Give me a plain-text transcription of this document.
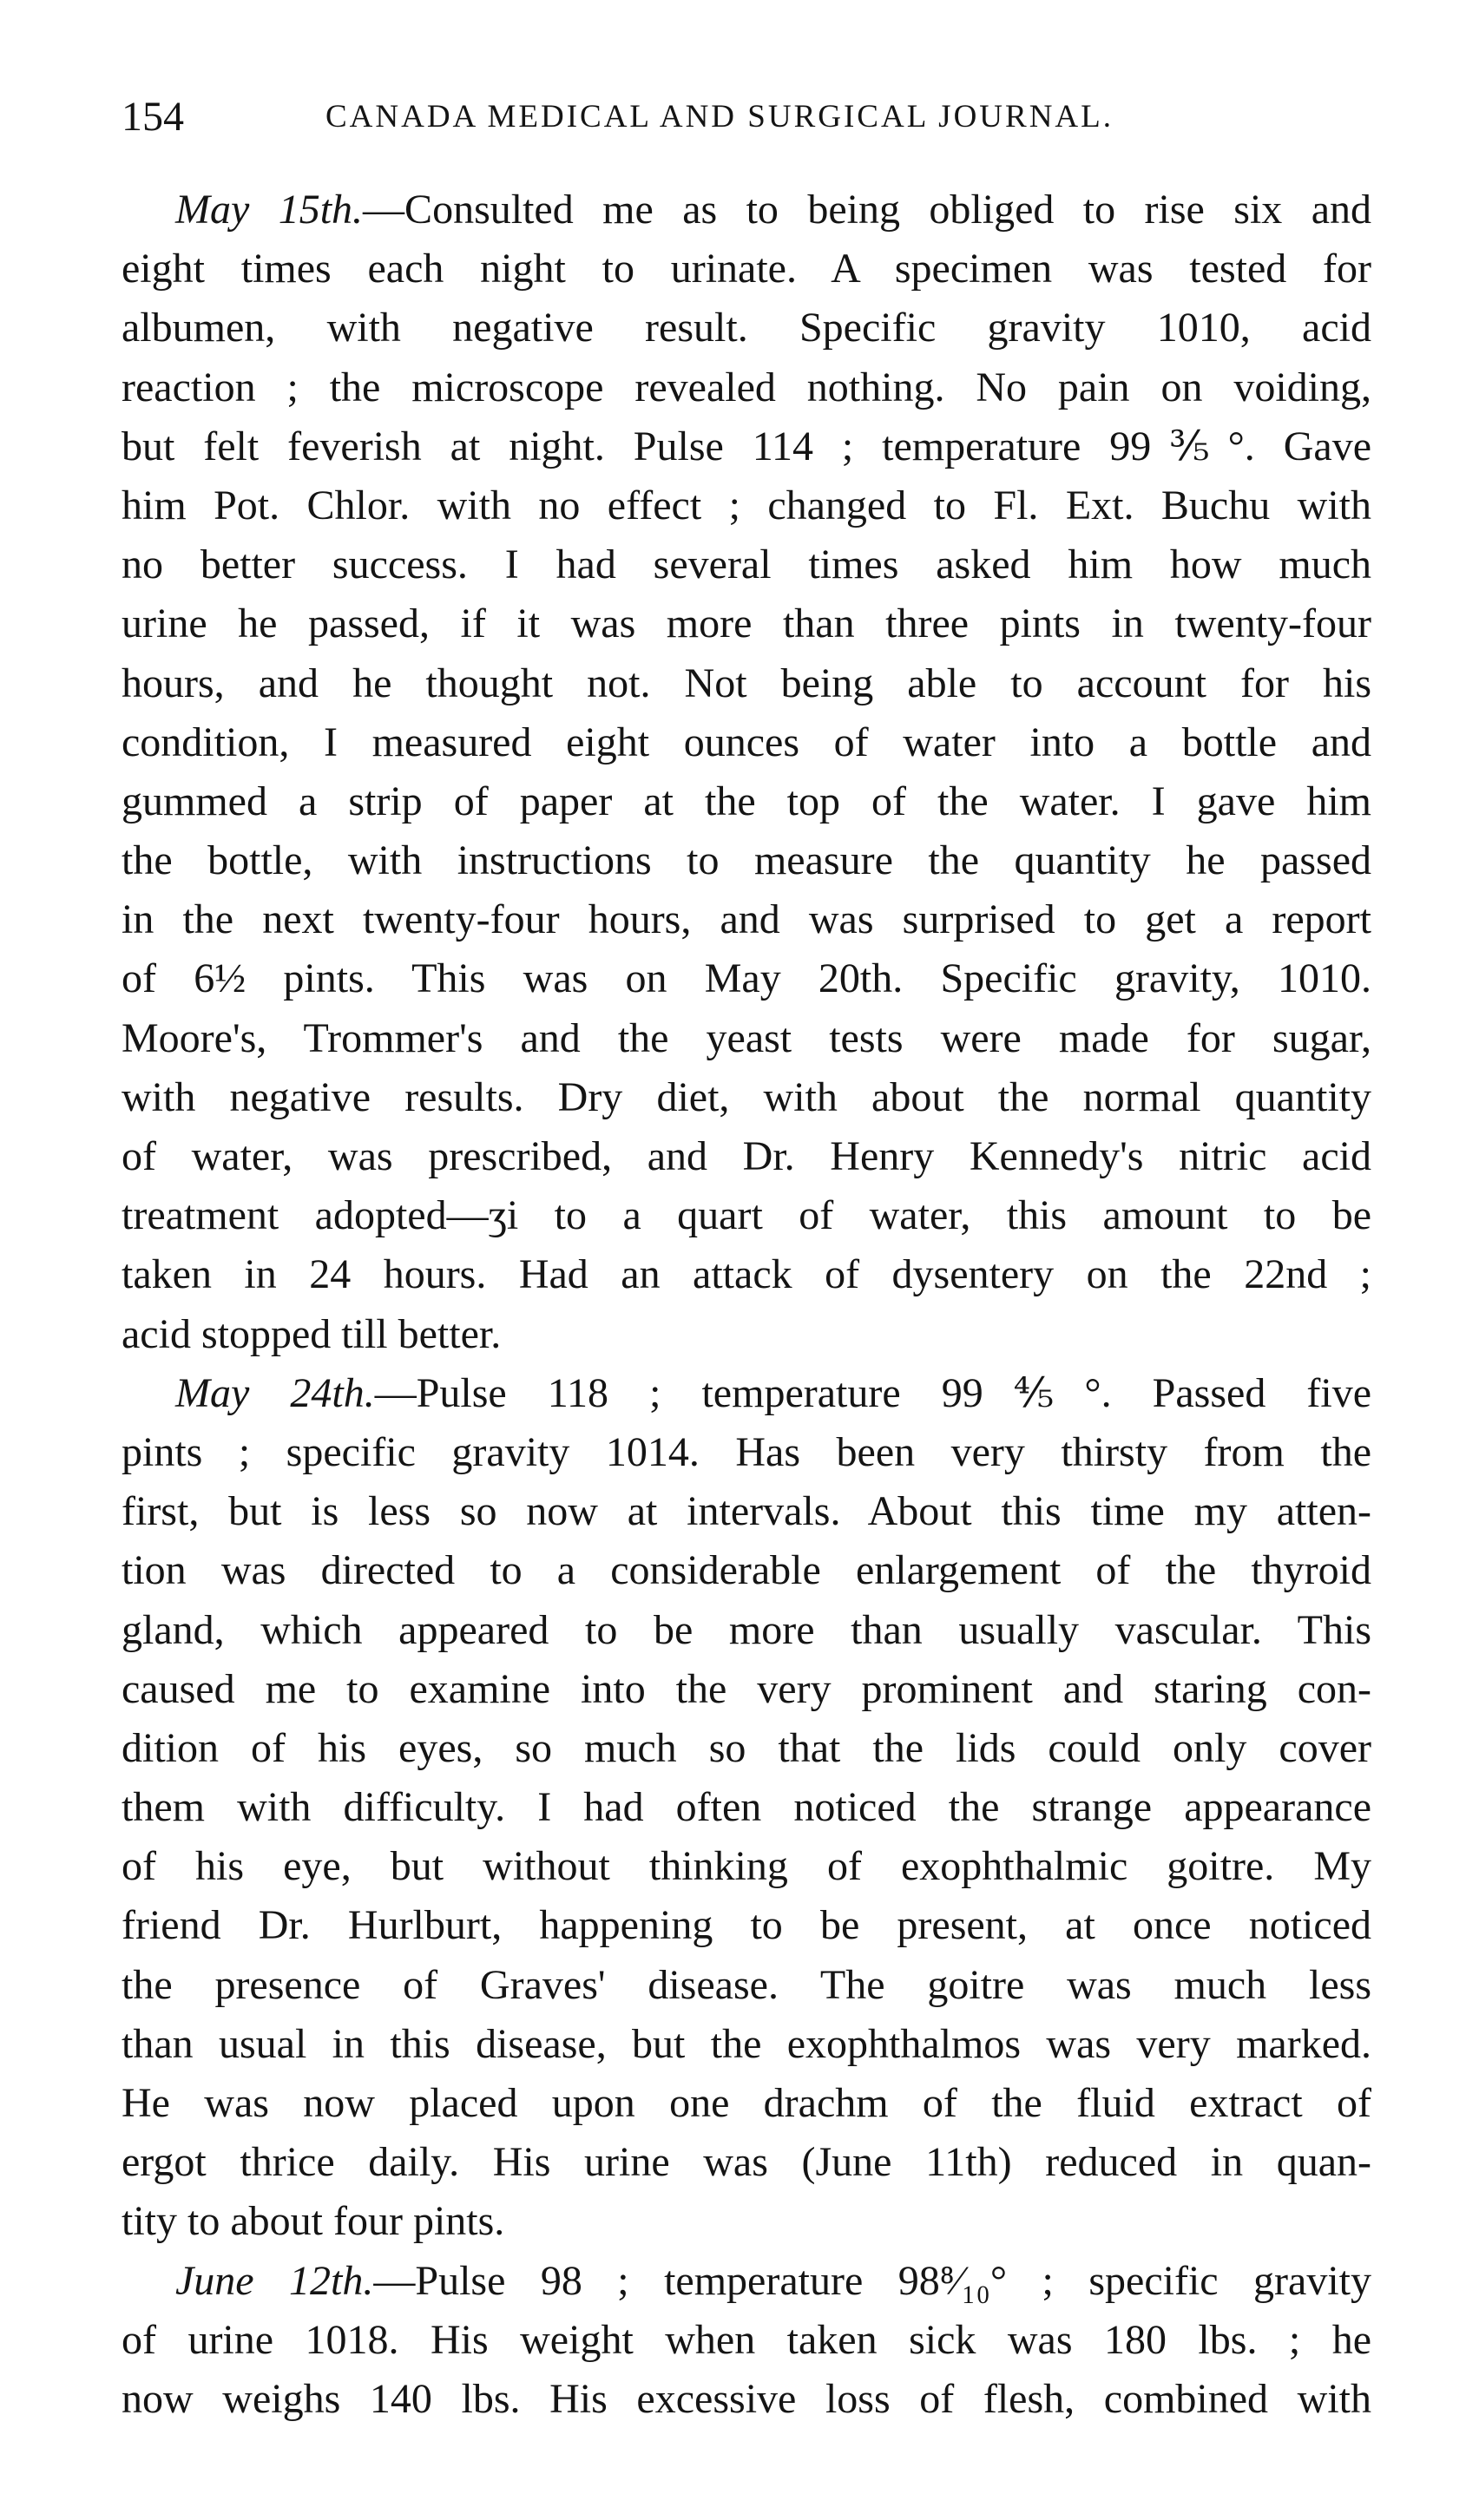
154	CANADA MEDICAL AND SURGICAL JOURNAL.
May 15th.—Consulted me as to being obliged to rise six and
eight times each night to urinate. A specimen was tested for
albumen, with negative result. Specific gravity 1010, acid
reaction ; the microscope revealed nothing. No pain on voiding,
but felt feverish at night. Pulse 114 ; temperature 99⅗°. Gave
him Pot. Chlor. with no effect ; changed to Fl. Ext. Buchu with
no better success. I had several times asked him how much
urine he passed, if it was more than three pints in twenty-four
hours, and he thought not. Not being able to account for his
condition, I measured eight ounces of water into a bottle and
gummed a strip of paper at the top of the water. I gave him
the bottle, with instructions to measure the quantity he passed
in the next twenty-four hours, and was surprised to get a report
of 6½ pints. This was on May 20th. Specific gravity, 1010.
Moore's, Trommer's and the yeast tests were made for sugar,
with negative results. Dry diet, with about the normal quantity
of water, was prescribed, and Dr. Henry Kennedy's nitric acid
treatment adopted—ʒi to a quart of water, this amount to be
taken in 24 hours. Had an attack of dysentery on the 22nd ;
acid stopped till better.
May 24th.—Pulse 118 ; temperature 99⅘°. Passed five
pints ; specific gravity 1014. Has been very thirsty from the
first, but is less so now at intervals. About this time my atten-
tion was directed to a considerable enlargement of the thyroid
gland, which appeared to be more than usually vascular. This
caused me to examine into the very prominent and staring con-
dition of his eyes, so much so that the lids could only cover
them with difficulty. I had often noticed the strange appearance
of his eye, but without thinking of exophthalmic goitre. My
friend Dr. Hurlburt, happening to be present, at once noticed
the presence of Graves' disease. The goitre was much less
than usual in this disease, but the exophthalmos was very marked.
He was now placed upon one drachm of the fluid extract of
ergot thrice daily. His urine was (June 11th) reduced in quan-
tity to about four pints.
June 12th.—Pulse 98 ; temperature 98⁸⁄₁₀° ; specific gravity
of urine 1018. His weight when taken sick was 180 lbs. ; he
now weighs 140 lbs. His excessive loss of flesh, combined with
